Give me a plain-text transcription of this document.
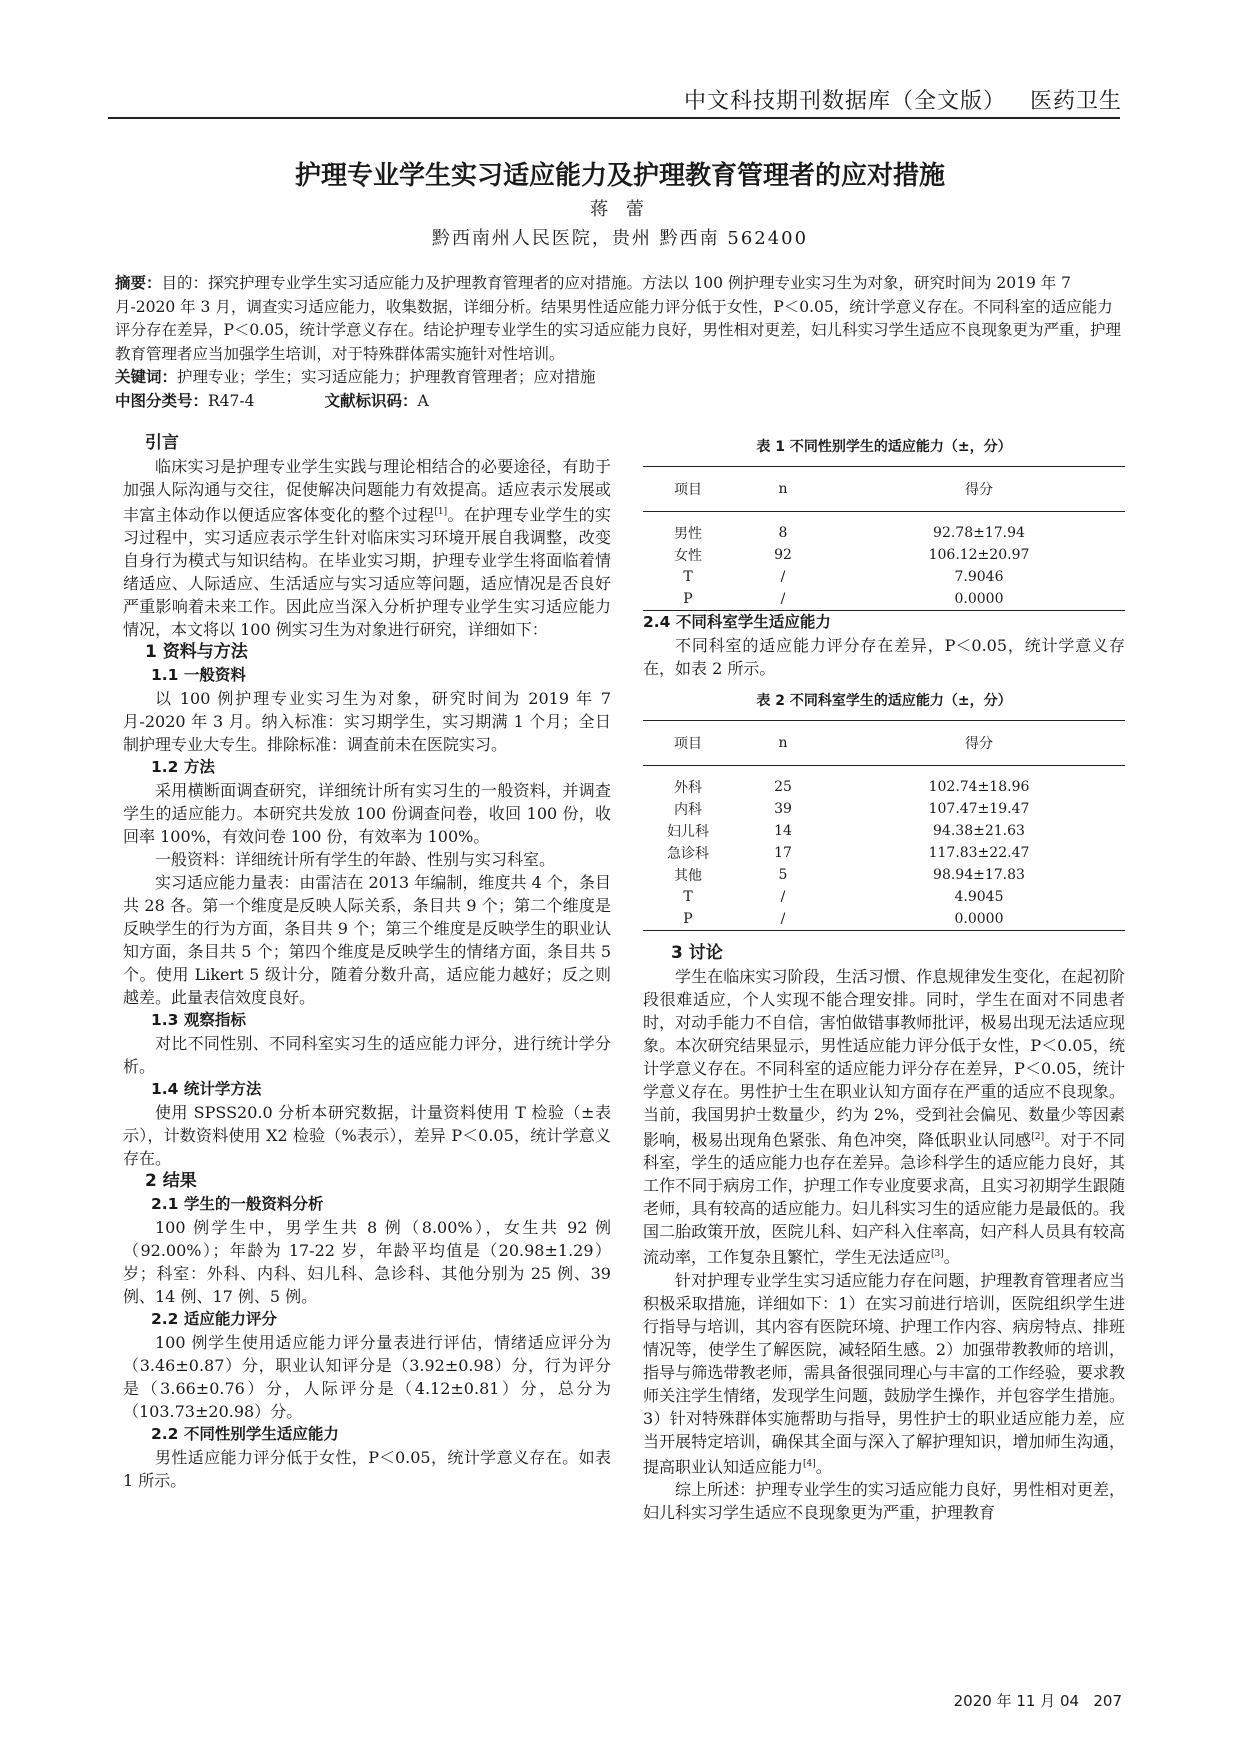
中文科技期刊数据库（全文版） 医药卫生
护理专业学生实习适应能力及护理教育管理者的应对措施
蒋 蕾
黔西南州人民医院，贵州 黔西南 562400
摘要：目的：探究护理专业学生实习适应能力及护理教育管理者的应对措施。方法以 100 例护理专业实习生为对象，研究时间为 2019 年 7 月-2020 年 3 月，调查实习适应能力，收集数据，详细分析。结果男性适应能力评分低于女性，P＜0.05，统计学意义存在。不同科室的适应能力评分存在差异，P＜0.05，统计学意义存在。结论护理专业学生的实习适应能力良好，男性相对更差，妇儿科实习学生适应不良现象更为严重，护理教育管理者应当加强学生培训，对于特殊群体需实施针对性培训。
关键词：护理专业；学生；实习适应能力；护理教育管理者；应对措施
中图分类号：R47-4	文献标识码：A
引言

临床实习是护理专业学生实践与理论相结合的必要途径，有助于加强人际沟通与交往，促使解决问题能力有效提高。适应表示发展或丰富主体动作以便适应客体变化的整个过程[1]。在护理专业学生的实习过程中，实习适应表示学生针对临床实习环境开展自我调整，改变自身行为模式与知识结构。在毕业实习期，护理专业学生将面临着情绪适应、人际适应、生活适应与实习适应等问题，适应情况是否良好严重影响着未来工作。因此应当深入分析护理专业学生实习适应能力情况，本文将以 100 例实习生为对象进行研究，详细如下：

1 资料与方法
1.1 一般资料

以 100 例护理专业实习生为对象，研究时间为 2019 年 7 月-2020 年 3 月。纳入标准：实习期学生，实习期满 1 个月；全日制护理专业大专生。排除标准：调查前未在医院实习。

1.2 方法

采用横断面调查研究，详细统计所有实习生的一般资料，并调查学生的适应能力。本研究共发放 100 份调查问卷，收回 100 份，收回率 100%，有效问卷 100 份，有效率为 100%。

一般资料：详细统计所有学生的年龄、性别与实习科室。

实习适应能力量表：由雷洁在 2013 年编制，维度共 4 个，条目共 28 各。第一个维度是反映人际关系，条目共 9 个；第二个维度是反映学生的行为方面，条目共 9 个；第三个维度是反映学生的职业认知方面，条目共 5 个；第四个维度是反映学生的情绪方面，条目共 5 个。使用 Likert 5 级计分，随着分数升高，适应能力越好；反之则越差。此量表信效度良好。

1.3 观察指标

对比不同性别、不同科室实习生的适应能力评分，进行统计学分析。

1.4 统计学方法

使用 SPSS20.0 分析本研究数据，计量资料使用 T 检验（±表示），计数资料使用 X2 检验（%表示），差异 P＜0.05，统计学意义存在。

2 结果
2.1 学生的一般资料分析

100 例学生中，男学生共 8 例（8.00%），女生共 92 例（92.00%）；年龄为 17-22 岁，年龄平均值是（20.98±1.29）岁；科室：外科、内科、妇儿科、急诊科、其他分别为 25 例、39 例、14 例、17 例、5 例。

2.2 适应能力评分

100 例学生使用适应能力评分量表进行评估，情绪适应评分为（3.46±0.87）分，职业认知评分是（3.92±0.98）分，行为评分是（3.66±0.76）分，人际评分是（4.12±0.81）分，总分为（103.73±20.98）分。

2.2 不同性别学生适应能力

男性适应能力评分低于女性，P＜0.05，统计学意义存在。如表 1 所示。

表 1 不同性别学生的适应能力（±，分）
项目	n	得分
男性	8	92.78±17.94
女性	92	106.12±20.97
T	/	7.9046
P	/	0.0000
2.4 不同科室学生适应能力

不同科室的适应能力评分存在差异，P＜0.05，统计学意义存在，如表 2 所示。

表 2 不同科室学生的适应能力（±，分）
项目	n	得分
外科	25	102.74±18.96
内科	39	107.47±19.47
妇儿科	14	94.38±21.63
急诊科	17	117.83±22.47
其他	5	98.94±17.83
T	/	4.9045
P	/	0.0000
3 讨论

学生在临床实习阶段，生活习惯、作息规律发生变化，在起初阶段很难适应，个人实现不能合理安排。同时，学生在面对不同患者时，对动手能力不自信，害怕做错事教师批评，极易出现无法适应现象。本次研究结果显示，男性适应能力评分低于女性，P＜0.05，统计学意义存在。不同科室的适应能力评分存在差异，P＜0.05，统计学意义存在。男性护士生在职业认知方面存在严重的适应不良现象。当前，我国男护士数量少，约为 2%，受到社会偏见、数量少等因素影响，极易出现角色紧张、角色冲突，降低职业认同感[2]。对于不同科室，学生的适应能力也存在差异。急诊科学生的适应能力良好，其工作不同于病房工作，护理工作专业度要求高，且实习初期学生跟随老师，具有较高的适应能力。妇儿科实习生的适应能力是最低的。我国二胎政策开放，医院儿科、妇产科入住率高，妇产科人员具有较高流动率，工作复杂且繁忙，学生无法适应[3]。

针对护理专业学生实习适应能力存在问题，护理教育管理者应当积极采取措施，详细如下：1）在实习前进行培训，医院组织学生进行指导与培训，其内容有医院环境、护理工作内容、病房特点、排班情况等，使学生了解医院，减轻陌生感。2）加强带教教师的培训，指导与筛选带教老师，需具备很强同理心与丰富的工作经验，要求教师关注学生情绪，发现学生问题，鼓励学生操作，并包容学生措施。3）针对特殊群体实施帮助与指导，男性护士的职业适应能力差，应当开展特定培训，确保其全面与深入了解护理知识，增加师生沟通，提高职业认知适应能力[4]。

综上所述：护理专业学生的实习适应能力良好，男性相对更差，妇儿科实习学生适应不良现象更为严重，护理教育

2020 年 11 月 04 207
